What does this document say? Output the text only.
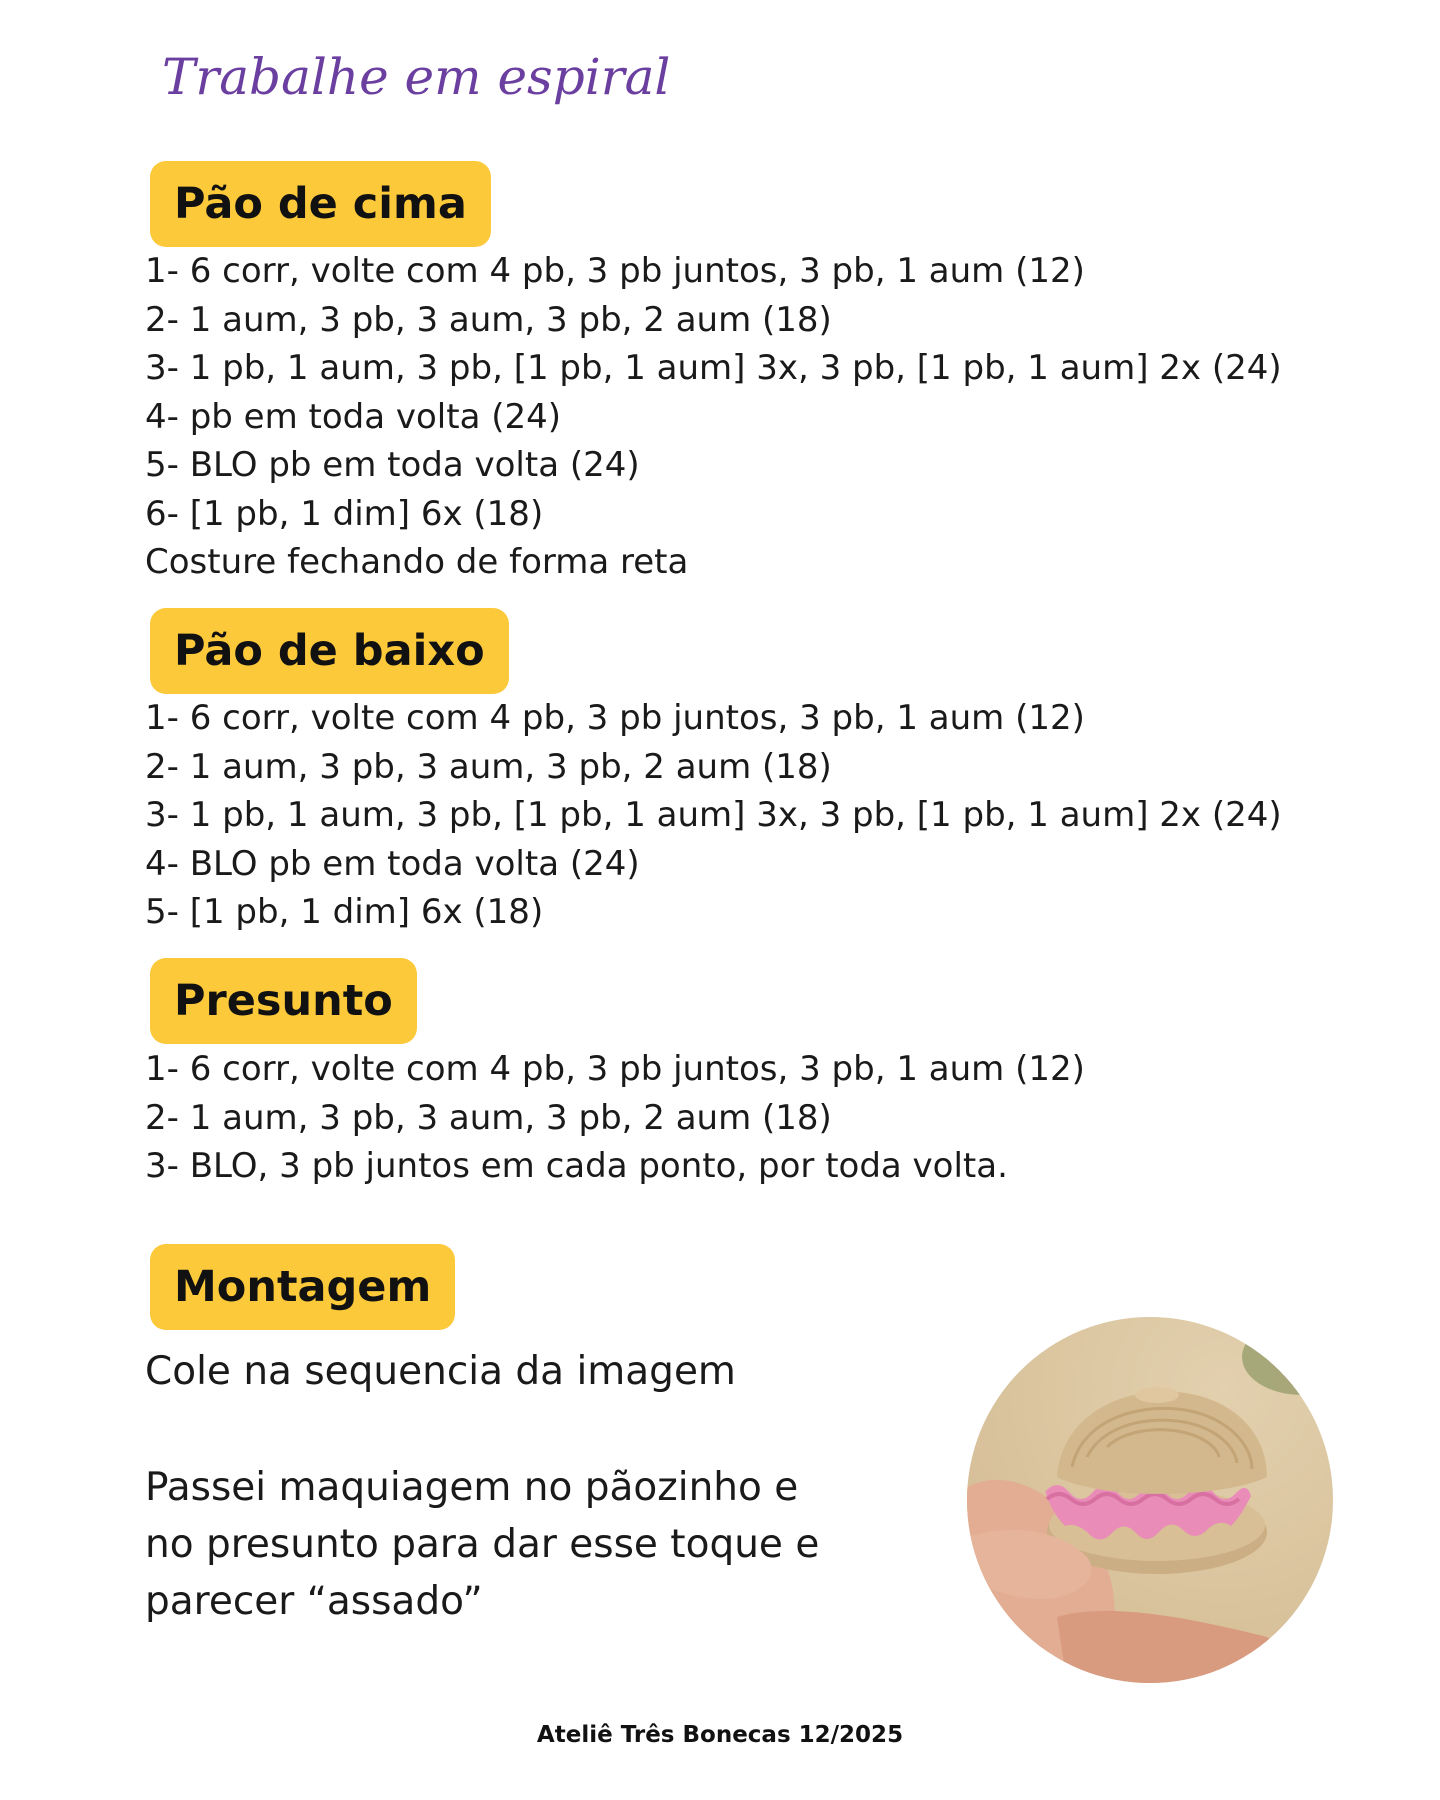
Trabalhe em espiral
Pão de cima
1- 6 corr, volte com 4 pb, 3 pb juntos, 3 pb, 1 aum (12)
2- 1 aum, 3 pb, 3 aum, 3 pb, 2 aum (18)
3- 1 pb, 1 aum, 3 pb, [1 pb, 1 aum] 3x, 3 pb, [1 pb, 1 aum] 2x (24)
4- pb em toda volta (24)
5- BLO pb em toda volta (24)
6- [1 pb, 1 dim] 6x (18)
Costure fechando de forma reta
Pão de baixo
1- 6 corr, volte com 4 pb, 3 pb juntos, 3 pb, 1 aum (12)
2- 1 aum, 3 pb, 3 aum, 3 pb, 2 aum (18)
3- 1 pb, 1 aum, 3 pb, [1 pb, 1 aum] 3x, 3 pb, [1 pb, 1 aum] 2x (24)
4- BLO pb em toda volta (24)
5- [1 pb, 1 dim] 6x (18)
Presunto
1- 6 corr, volte com 4 pb, 3 pb juntos, 3 pb, 1 aum (12)
2- 1 aum, 3 pb, 3 aum, 3 pb, 2 aum (18)
3- BLO, 3 pb juntos em cada ponto, por toda volta.
Montagem
Cole na sequencia da imagem
Passei maquiagem no pãozinho e
no presunto para dar esse toque e
parecer “assado”
Ateliê Três Bonecas 12/2025
